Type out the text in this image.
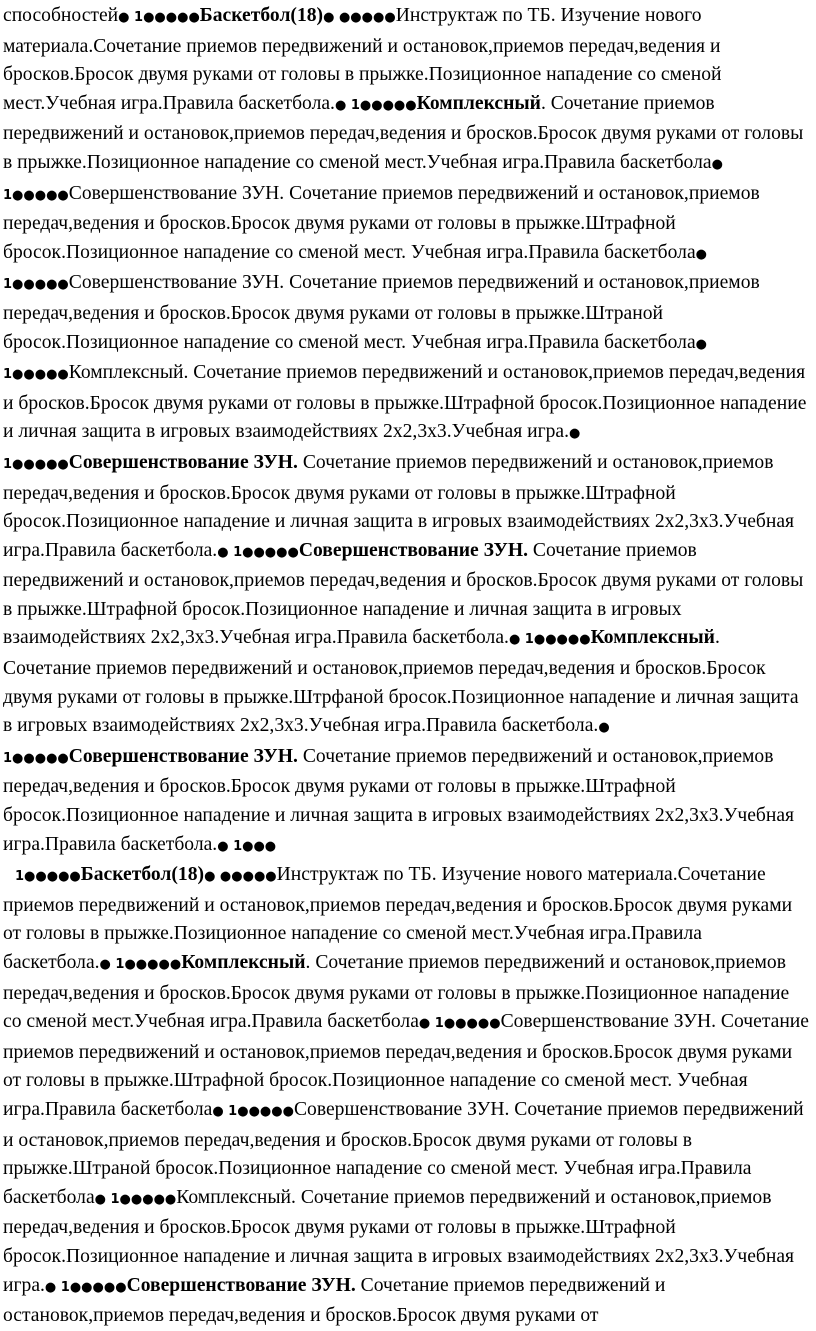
способностей● 1●●●●●Баскетбол(18)● ●●●●●Инструктаж по ТБ. Изучение нового материала.Сочетание приемов передвижений и остановок,приемов передач,ведения и бросков.Бросок двумя руками от головы в прыжке.Позиционное нападение со сменой мест.Учебная игра.Правила баскетбола.● 1●●●●●Комплексный. Сочетание приемов передвижений и остановок,приемов передач,ведения и бросков.Бросок двумя руками от головы в прыжке.Позиционное нападение со сменой мест.Учебная игра.Правила баскетбола● 1●●●●●Совершенствование ЗУН. Сочетание приемов передвижений и остановок,приемов передач,ведения и бросков.Бросок двумя руками от головы в прыжке.Штрафной бросок.Позиционное нападение со сменой мест. Учебная игра.Правила баскетбола● 1●●●●●Совершенствование ЗУН. Сочетание приемов передвижений и остановок,приемов передач,ведения и бросков.Бросок двумя руками от головы в прыжке.Штраной бросок.Позиционное нападение со сменой мест. Учебная игра.Правила баскетбола● 1●●●●●Комплексный. Сочетание приемов передвижений и остановок,приемов передач,ведения и бросков.Бросок двумя руками от головы в прыжке.Штрафной бросок.Позиционное нападение и личная защита в игровых взаимодействиях 2х2,3х3.Учебная игра.● 1●●●●●Совершенствование ЗУН. Сочетание приемов передвижений и остановок,приемов передач,ведения и бросков.Бросок двумя руками от головы в прыжке.Штрафной бросок.Позиционное нападение и личная защита в игровых взаимодействиях 2х2,3х3.Учебная игра.Правила баскетбола.● 1●●●●●Совершенствование ЗУН. Сочетание приемов передвижений и остановок,приемов передач,ведения и бросков.Бросок двумя руками от головы в прыжке.Штрафной бросок.Позиционное нападение и личная защита в игровых взаимодействиях 2х2,3х3.Учебная игра.Правила баскетбола.● 1●●●●●Комплексный. Сочетание приемов передвижений и остановок,приемов передач,ведения и бросков.Бросок двумя руками от головы в прыжке.Штрфаной бросок.Позиционное нападение и личная защита в игровых взаимодействиях 2х2,3х3.Учебная игра.Правила баскетбола.● 1●●●●●Совершенствование ЗУН. Сочетание приемов передвижений и остановок,приемов передач,ведения и бросков.Бросок двумя руками от головы в прыжке.Штрафной бросок.Позиционное нападение и личная защита в игровых взаимодействиях 2х2,3х3.Учебная игра.Правила баскетбола.● 1●●●

1●●●●●Баскетбол(18)● ●●●●●Инструктаж по ТБ. Изучение нового материала.Сочетание приемов передвижений и остановок,приемов передач,ведения и бросков.Бросок двумя руками от головы в прыжке.Позиционное нападение со сменой мест.Учебная игра.Правила баскетбола.● 1●●●●●Комплексный. Сочетание приемов передвижений и остановок,приемов передач,ведения и бросков.Бросок двумя руками от головы в прыжке.Позиционное нападение со сменой мест.Учебная игра.Правила баскетбола● 1●●●●●Совершенствование ЗУН. Сочетание приемов передвижений и остановок,приемов передач,ведения и бросков.Бросок двумя руками от головы в прыжке.Штрафной бросок.Позиционное нападение со сменой мест. Учебная игра.Правила баскетбола● 1●●●●●Совершенствование ЗУН. Сочетание приемов передвижений и остановок,приемов передач,ведения и бросков.Бросок двумя руками от головы в прыжке.Штраной бросок.Позиционное нападение со сменой мест. Учебная игра.Правила баскетбола● 1●●●●●Комплексный. Сочетание приемов передвижений и остановок,приемов передач,ведения и бросков.Бросок двумя руками от головы в прыжке.Штрафной бросок.Позиционное нападение и личная защита в игровых взаимодействиях 2х2,3х3.Учебная игра.● 1●●●●●Совершенствование ЗУН. Сочетание приемов передвижений и остановок,приемов передач,ведения и бросков.Бросок двумя руками от
